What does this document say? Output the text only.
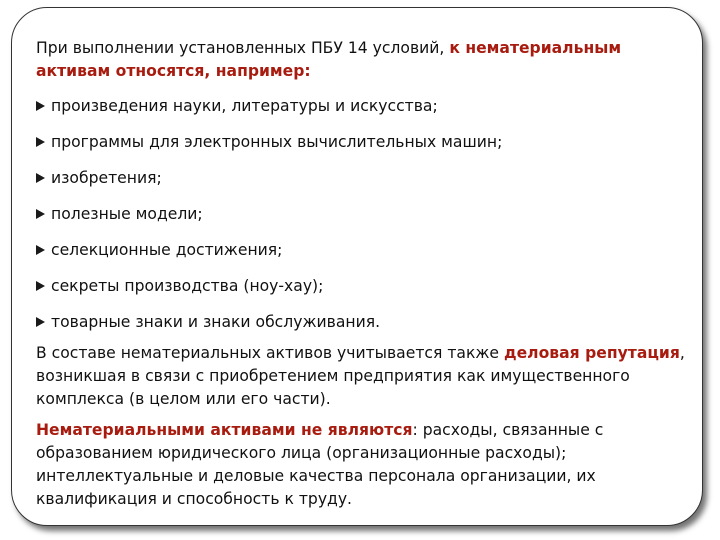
При выполнении установленных ПБУ 14 условий, к нематериальным активам относятся, например:

произведения науки, литературы и искусства;
программы для электронных вычислительных машин;
изобретения;
полезные модели;
селекционные достижения;
секреты производства (ноу-хау);
товарные знаки и знаки обслуживания.

В составе нематериальных активов учитывается также деловая репутация, возникшая в связи с приобретением предприятия как имущественного комплекса (в целом или его части).

Нематериальными активами не являются: расходы, связанные с образованием юридического лица (организационные расходы); интеллектуальные и деловые качества персонала организации, их квалификация и способность к труду.
